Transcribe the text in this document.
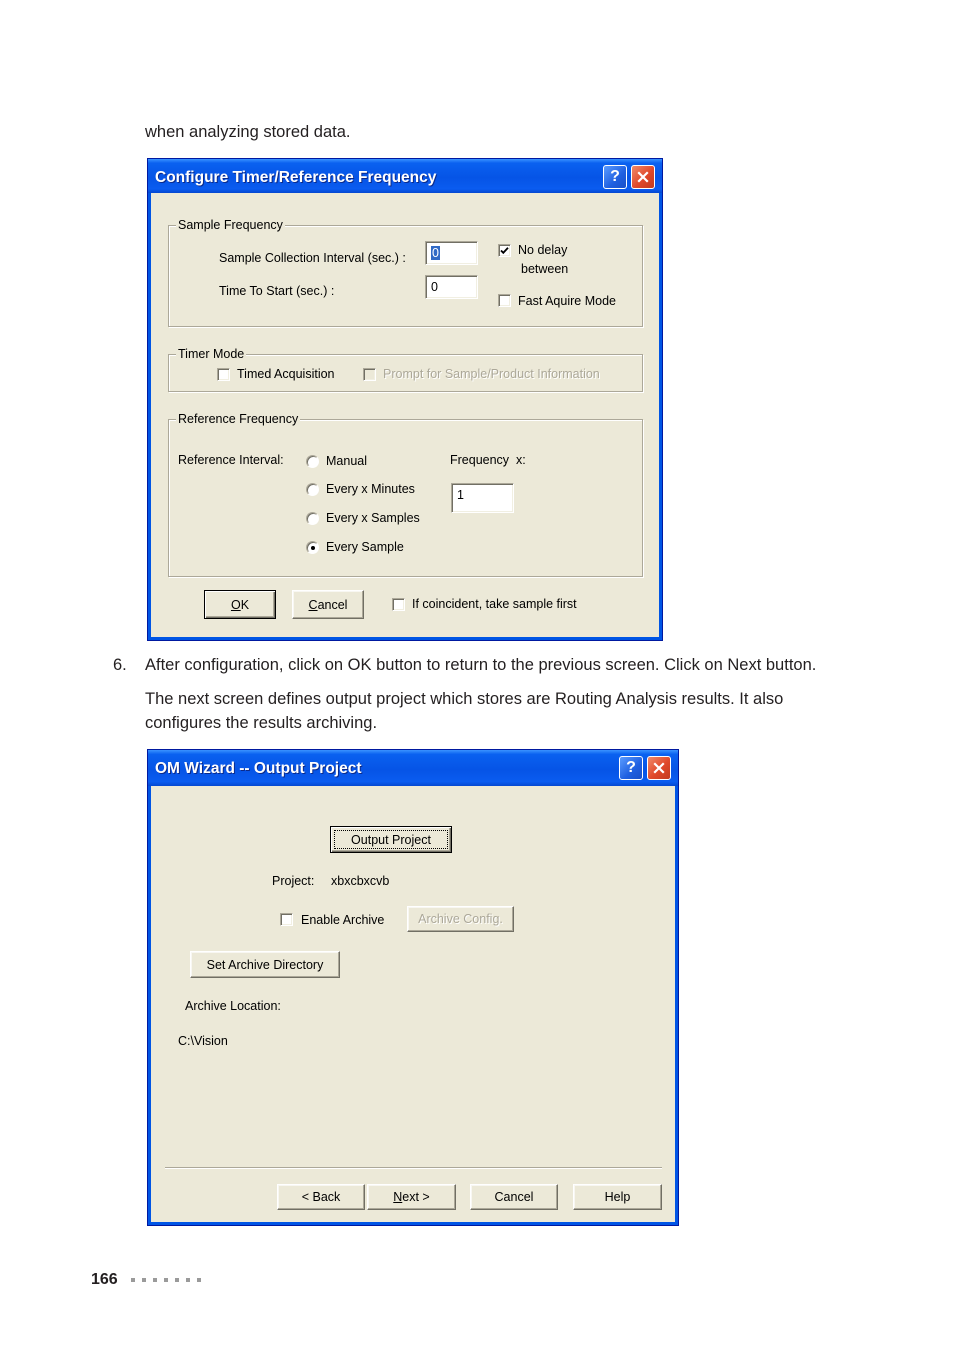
when analyzing stored data.
Configure Timer/Reference Frequency	?
Sample Frequency
Sample Collection Interval (sec.) :	0
Time To Start (sec.) :	0
No delay
between
Fast Aquire Mode
Timer Mode
Timed Acquisition	Prompt for Sample/Product Information
Reference Frequency
Reference Interval:	Manual
Every x Minutes
Every x Samples
Every Sample
Frequency  x:
1
OK	Cancel	If coincident, take sample first
6. After configuration, click on OK button to return to the previous screen. Click on Next button.
The next screen defines output project which stores are Routing Analysis results. It also
configures the results archiving.
OM Wizard -- Output Project	?
Output Project
Project: xbxcbxcvb
Enable Archive	Archive Config.
Set Archive Directory
Archive Location:
C:\Vision
< Back	Next >	Cancel	Help
166
